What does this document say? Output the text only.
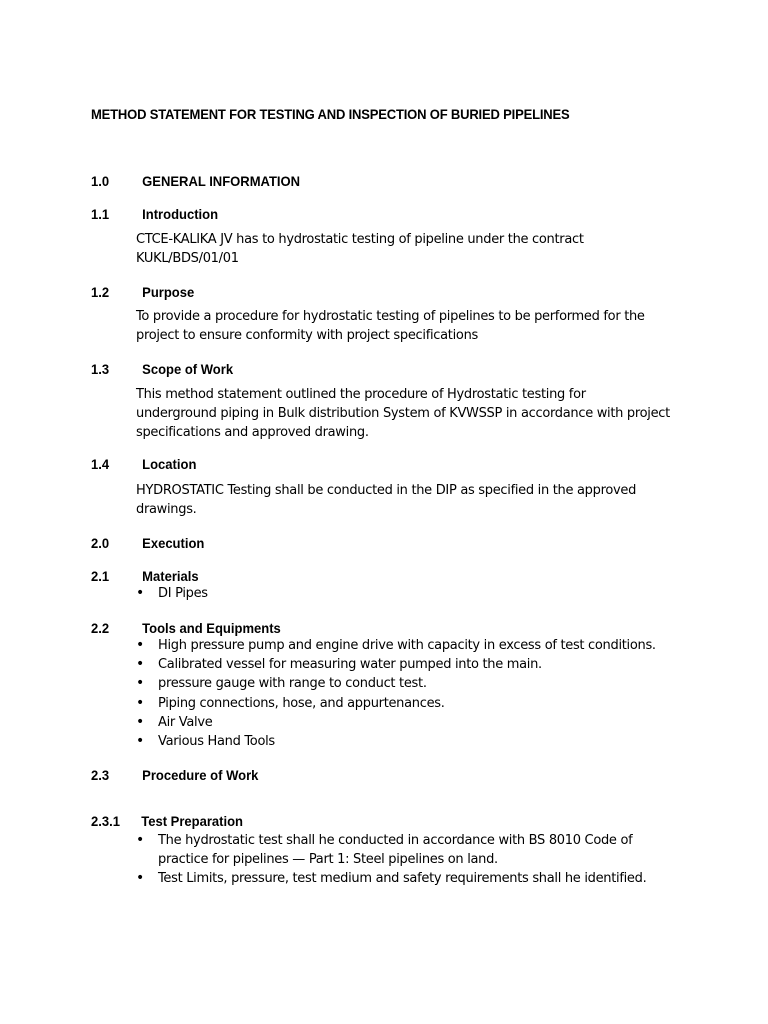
METHOD STATEMENT FOR TESTING AND INSPECTION OF BURIED PIPELINES
1.0 GENERAL INFORMATION
1.1 Introduction
CTCE-KALIKA JV has to hydrostatic testing of pipeline under the contract
KUKL/BDS/01/01
1.2 Purpose
To provide a procedure for hydrostatic testing of pipelines to be performed for the
project to ensure conformity with project specifications
1.3 Scope of Work
This method statement outlined the procedure of Hydrostatic testing for
underground piping in Bulk distribution System of KVWSSP in accordance with project
specifications and approved drawing.
1.4 Location
HYDROSTATIC Testing shall be conducted in the DIP as specified in the approved
drawings.
2.0 Execution
2.1 Materials
• DI Pipes
2.2 Tools and Equipments
• High pressure pump and engine drive with capacity in excess of test conditions.
• Calibrated vessel for measuring water pumped into the main.
• pressure gauge with range to conduct test.
• Piping connections, hose, and appurtenances.
• Air Valve
• Various Hand Tools
2.3 Procedure of Work
2.3.1 Test Preparation
• The hydrostatic test shall he conducted in accordance with BS 8010 Code of
practice for pipelines — Part 1: Steel pipelines on land.
• Test Limits, pressure, test medium and safety requirements shall he identified.
